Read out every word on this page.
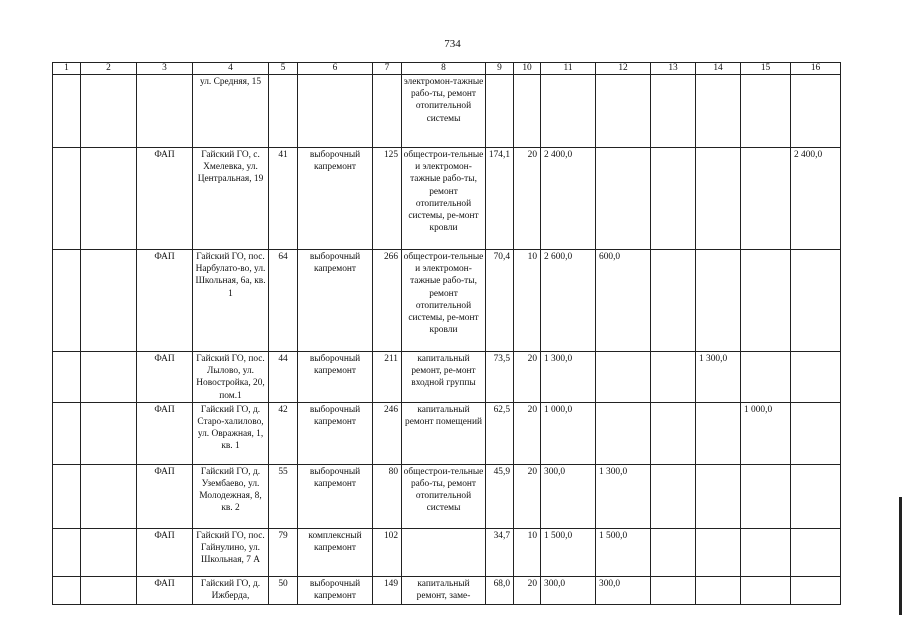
734
1	2	3	4	5	6	7	8	9	10	11	12	13	14	15	16
			ул. Средняя, 15				электромон-тажные рабо-ты, ремонт отопительной системы								
		ФАП	Гайский ГО, с. Хмелевка, ул. Центральная, 19	41	выборочный капремонт	125	общестрои-тельные и электромон-тажные рабо-ты, ремонт отопительной системы, ре-монт кровли	174,1	20	2 400,0					2 400,0
		ФАП	Гайский ГО, пос. Нарбулато-во, ул. Школьная, 6а, кв. 1	64	выборочный капремонт	266	общестрои-тельные и электромон-тажные рабо-ты, ремонт отопительной системы, ре-монт кровли	70,4	10	2 600,0	600,0				
		ФАП	Гайский ГО, пос. Лылово, ул. Новостройка, 20, пом.1	44	выборочный капремонт	211	капитальный ремонт, ре-монт входной группы	73,5	20	1 300,0			1 300,0		
		ФАП	Гайский ГО, д. Старо-халилово, ул. Овражная, 1, кв. 1	42	выборочный капремонт	246	капитальный ремонт помещений	62,5	20	1 000,0				1 000,0	
		ФАП	Гайский ГО, д. Узембаево, ул. Молодежная, 8, кв. 2	55	выборочный капремонт	80	общестрои-тельные рабо-ты, ремонт отопительной системы	45,9	20	300,0	1 300,0				
		ФАП	Гайский ГО, пос. Гайнулино, ул. Школьная, 7 А	79	комплексный капремонт	102		34,7	10	1 500,0	1 500,0				
		ФАП	Гайский ГО, д. Ижберда,	50	выборочный капремонт	149	капитальный ремонт, заме-	68,0	20	300,0	300,0				
